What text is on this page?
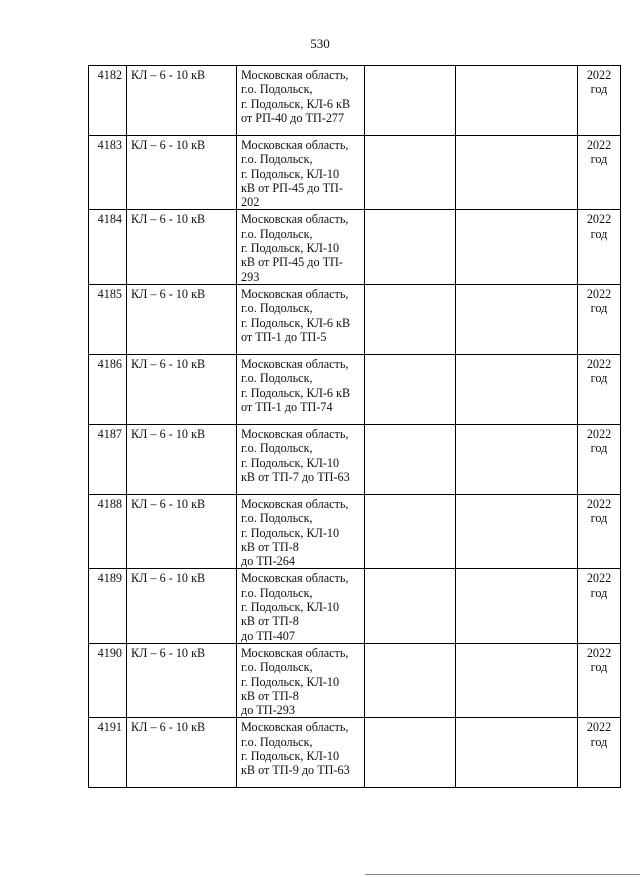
530
4182	КЛ – 6 - 10 кВ	Московская область,
г.о. Подольск,
г. Подольск, КЛ-6 кВ
от РП-40 до ТП-277			2022
год

4183	КЛ – 6 - 10 кВ	Московская область,
г.о. Подольск,
г. Подольск, КЛ-10
кВ от РП-45 до ТП-
202			2022
год

4184	КЛ – 6 - 10 кВ	Московская область,
г.о. Подольск,
г. Подольск, КЛ-10
кВ от РП-45 до ТП-
293			2022
год

4185	КЛ – 6 - 10 кВ	Московская область,
г.о. Подольск,
г. Подольск, КЛ-6 кВ
от ТП-1 до ТП-5			2022
год

4186	КЛ – 6 - 10 кВ	Московская область,
г.о. Подольск,
г. Подольск, КЛ-6 кВ
от ТП-1 до ТП-74			2022
год

4187	КЛ – 6 - 10 кВ	Московская область,
г.о. Подольск,
г. Подольск, КЛ-10
кВ от ТП-7 до ТП-63			2022
год

4188	КЛ – 6 - 10 кВ	Московская область,
г.о. Подольск,
г. Подольск, КЛ-10
кВ от ТП-8
до ТП-264			2022
год

4189	КЛ – 6 - 10 кВ	Московская область,
г.о. Подольск,
г. Подольск, КЛ-10
кВ от ТП-8
до ТП-407			2022
год

4190	КЛ – 6 - 10 кВ	Московская область,
г.о. Подольск,
г. Подольск, КЛ-10
кВ от ТП-8
до ТП-293			2022
год

4191	КЛ – 6 - 10 кВ	Московская область,
г.о. Подольск,
г. Подольск, КЛ-10
кВ от ТП-9 до ТП-63			2022
год
